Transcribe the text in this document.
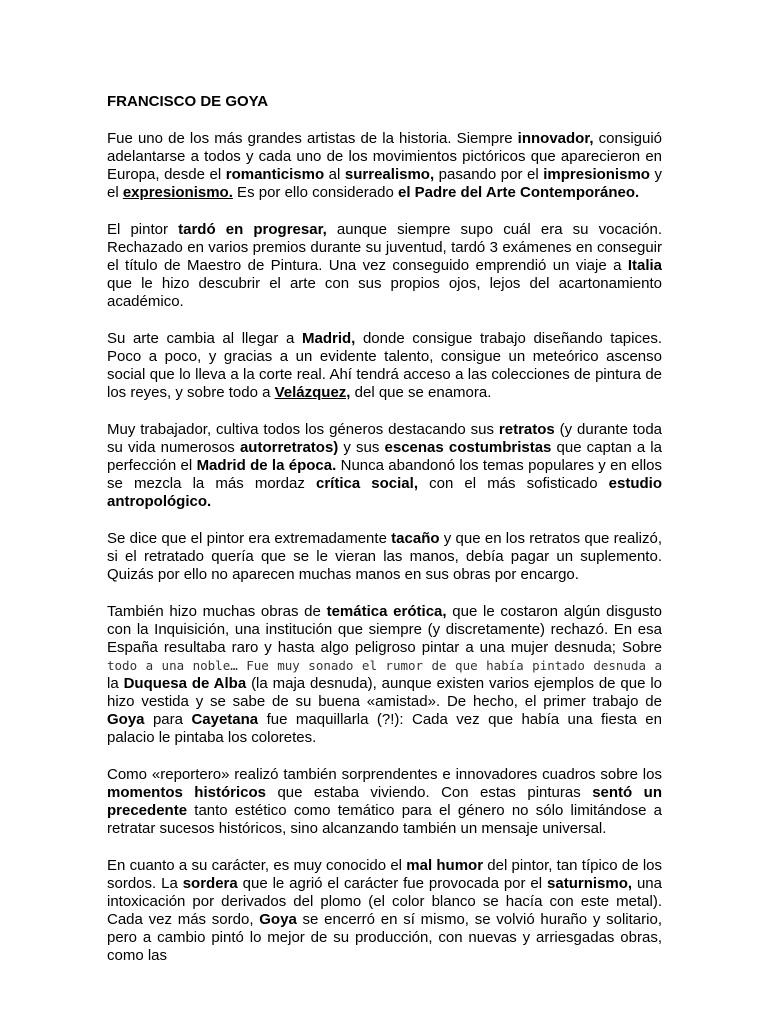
FRANCISCO DE GOYA

Fue uno de los más grandes artistas de la historia. Siempre innovador, consiguió adelantarse a todos y cada uno de los movimientos pictóricos que aparecieron en Europa, desde el romanticismo al surrealismo, pasando por el impresionismo y el expresionismo. Es por ello considerado el Padre del Arte Contemporáneo.

El pintor tardó en progresar, aunque siempre supo cuál era su vocación. Rechazado en varios premios durante su juventud, tardó 3 exámenes en conseguir el título de Maestro de Pintura. Una vez conseguido emprendió un viaje a Italia que le hizo descubrir el arte con sus propios ojos, lejos del acartonamiento académico.

Su arte cambia al llegar a Madrid, donde consigue trabajo diseñando tapices. Poco a poco, y gracias a un evidente talento, consigue un meteórico ascenso social que lo lleva a la corte real. Ahí tendrá acceso a las colecciones de pintura de los reyes, y sobre todo a Velázquez, del que se enamora.

Muy trabajador, cultiva todos los géneros destacando sus retratos (y durante toda su vida numerosos autorretratos) y sus escenas costumbristas que captan a la perfección el Madrid de la época. Nunca abandonó los temas populares y en ellos se mezcla la más mordaz crítica social, con el más sofisticado estudio antropológico.

Se dice que el pintor era extremadamente tacaño y que en los retratos que realizó, si el retratado quería que se le vieran las manos, debía pagar un suplemento. Quizás por ello no aparecen muchas manos en sus obras por encargo.

También hizo muchas obras de temática erótica, que le costaron algún disgusto con la Inquisición, una institución que siempre (y discretamente) rechazó. En esa España resultaba raro y hasta algo peligroso pintar a una mujer desnuda; Sobre todo a una noble… Fue muy sonado el rumor de que había pintado desnuda a la Duquesa de Alba (la maja desnuda), aunque existen varios ejemplos de que lo hizo vestida y se sabe de su buena «amistad». De hecho, el primer trabajo de Goya para Cayetana fue maquillarla (?!): Cada vez que había una fiesta en palacio le pintaba los coloretes.

Como «reportero» realizó también sorprendentes e innovadores cuadros sobre los momentos históricos que estaba viviendo. Con estas pinturas sentó un precedente tanto estético como temático para el género no sólo limitándose a retratar sucesos históricos, sino alcanzando también un mensaje universal.

En cuanto a su carácter, es muy conocido el mal humor del pintor, tan típico de los sordos. La sordera que le agrió el carácter fue provocada por el saturnismo, una intoxicación por derivados del plomo (el color blanco se hacía con este metal). Cada vez más sordo, Goya se encerró en sí mismo, se volvió huraño y solitario, pero a cambio pintó lo mejor de su producción, con nuevas y arriesgadas obras, como las
